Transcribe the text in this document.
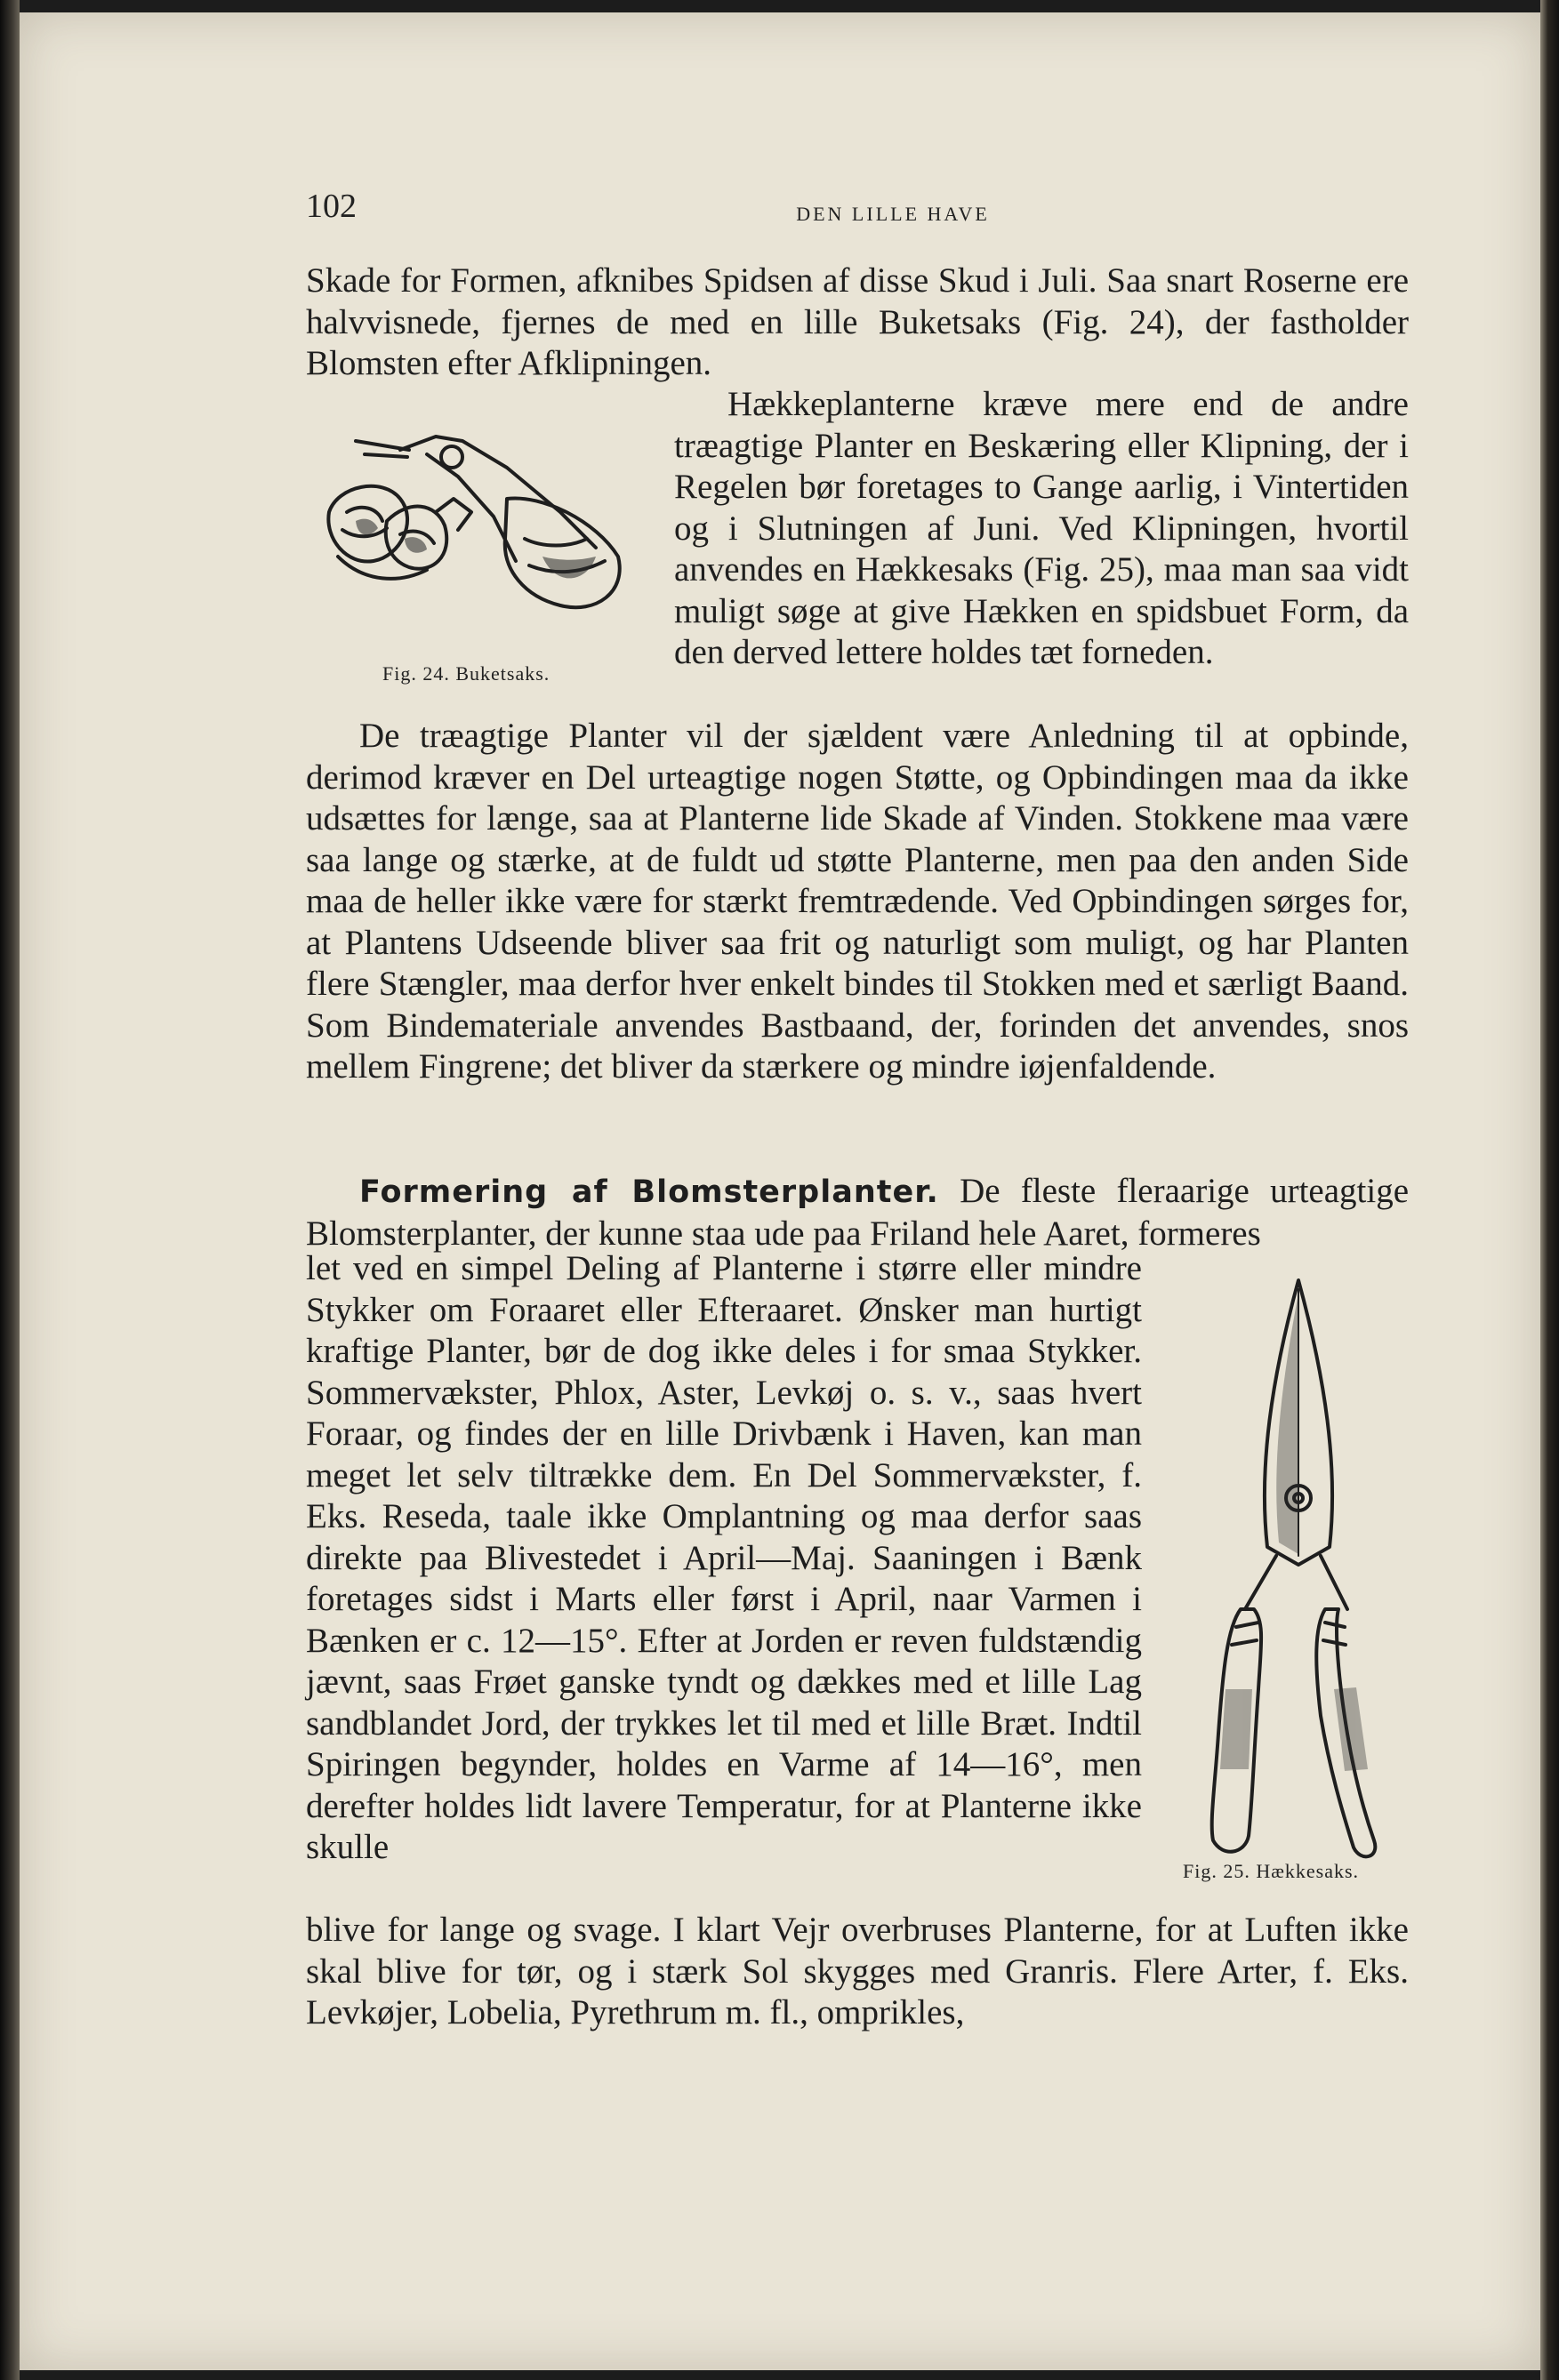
102	DEN LILLE HAVE

Skade for Formen, afknibes Spidsen af disse Skud i Juli. Saa snart Roserne ere halvvisnede, fjernes de med en lille Buketsaks (Fig. 24), der fastholder Blomsten efter Afklipningen.

Fig. 24. Buketsaks.

Hækkeplanterne kræve mere end de andre træagtige Planter en Beskæring eller Klipning, der i Regelen bør foretages to Gange aarlig, i Vintertiden og i Slutningen af Juni. Ved Klipningen, hvortil anvendes en Hækkesaks (Fig. 25), maa man saa vidt muligt søge at give Hækken en spidsbuet Form, da den derved lettere holdes tæt forneden.

De træagtige Planter vil der sjældent være Anledning til at opbinde, derimod kræver en Del urteagtige nogen Støtte, og Opbindingen maa da ikke udsættes for længe, saa at Planterne lide Skade af Vinden. Stokkene maa være saa lange og stærke, at de fuldt ud støtte Planterne, men paa den anden Side maa de heller ikke være for stærkt fremtrædende. Ved Opbindingen sørges for, at Plantens Udseende bliver saa frit og naturligt som muligt, og har Planten flere Stængler, maa derfor hver enkelt bindes til Stokken med et særligt Baand. Som Bindemateriale anvendes Bastbaand, der, forinden det anvendes, snos mellem Fingrene; det bliver da stærkere og mindre iøjenfaldende.

Formering af Blomsterplanter. De fleste fleraarige urteagtige Blomsterplanter, der kunne staa ude paa Friland hele Aaret, formeres

let ved en simpel Deling af Planterne i større eller mindre Stykker om Foraaret eller Efteraaret. Ønsker man hurtigt kraftige Planter, bør de dog ikke deles i for smaa Stykker. Sommervækster, Phlox, Aster, Levkøj o. s. v., saas hvert Foraar, og findes der en lille Drivbænk i Haven, kan man meget let selv tiltrække dem. En Del Sommervækster, f. Eks. Reseda, taale ikke Omplantning og maa derfor saas direkte paa Blivestedet i April—Maj. Saaningen i Bænk foretages sidst i Marts eller først i April, naar Varmen i Bænken er c. 12—15°. Efter at Jorden er reven fuldstændig jævnt, saas Frøet ganske tyndt og dækkes med et lille Lag sandblandet Jord, der trykkes let til med et lille Bræt. Indtil Spiringen begynder, holdes en Varme af 14—16°, men derefter holdes lidt lavere Temperatur, for at Planterne ikke skulle

Fig. 25. Hækkesaks.

blive for lange og svage. I klart Vejr overbruses Planterne, for at Luften ikke skal blive for tør, og i stærk Sol skygges med Granris. Flere Arter, f. Eks. Levkøjer, Lobelia, Pyrethrum m. fl., omprikles,
